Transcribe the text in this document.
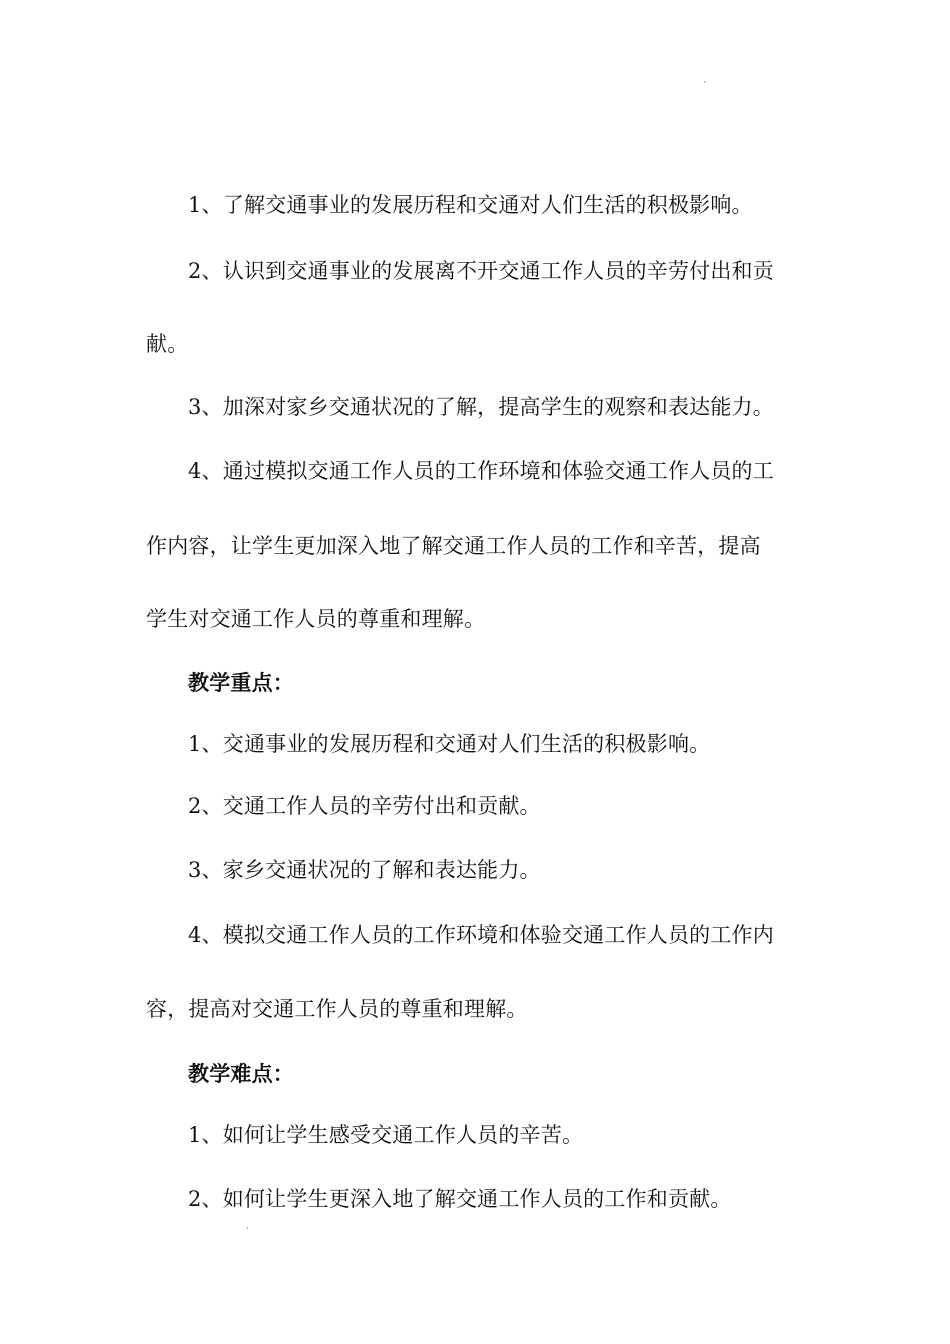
1、了解交通事业的发展历程和交通对人们生活的积极影响。

2、认识到交通事业的发展离不开交通工作人员的辛劳付出和贡

献。

3、加深对家乡交通状况的了解，提高学生的观察和表达能力。

4、通过模拟交通工作人员的工作环境和体验交通工作人员的工

作内容，让学生更加深入地了解交通工作人员的工作和辛苦，提高

学生对交通工作人员的尊重和理解。

教学重点：

1、交通事业的发展历程和交通对人们生活的积极影响。

2、交通工作人员的辛劳付出和贡献。

3、家乡交通状况的了解和表达能力。

4、模拟交通工作人员的工作环境和体验交通工作人员的工作内

容，提高对交通工作人员的尊重和理解。

教学难点：

1、如何让学生感受交通工作人员的辛苦。

2、如何让学生更深入地了解交通工作人员的工作和贡献。
